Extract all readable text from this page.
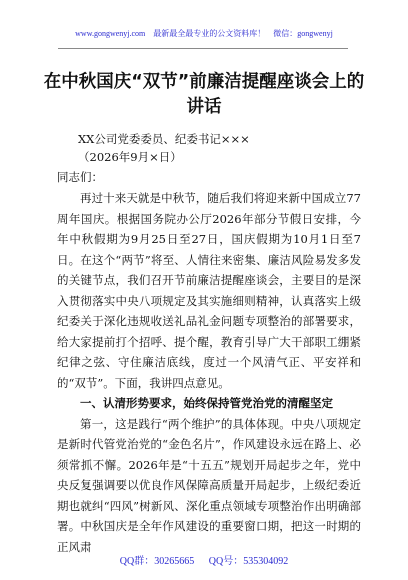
www.gongwenyj.com 最新最全最专业的公文资料库！ 微信：gongwenyj
在中秋国庆“双节”前廉洁提醒座谈会上的讲话
XX公司党委委员、纪委书记×××
（2026年9月×日）
同志们：

再过十来天就是中秋节，随后我们将迎来新中国成立77周年国庆。根据国务院办公厅2026年部分节假日安排，今年中秋假期为9月25日至27日，国庆假期为10月1日至7日。在这个“两节”将至、人情往来密集、廉洁风险易发多发的关键节点，我们召开节前廉洁提醒座谈会，主要目的是深入贯彻落实中央八项规定及其实施细则精神，认真落实上级纪委关于深化违规收送礼品礼金问题专项整治的部署要求，给大家提前打个招呼、提个醒，教育引导广大干部职工绷紧纪律之弦、守住廉洁底线，度过一个风清气正、平安祥和的“双节”。下面，我讲四点意见。

一、认清形势要求，始终保持管党治党的清醒坚定

第一，这是践行“两个维护”的具体体现。中央八项规定是新时代管党治党的“金色名片”，作风建设永远在路上、必须常抓不懈。2026年是“十五五”规划开局起步之年，党中央反复强调要以优良作风保障高质量开局起步，上级纪委近期也就纠“四风”树新风、深化重点领域专项整治作出明确部署。中秋国庆是全年作风建设的重要窗口期，把这一时期的正风肃

QQ群：30265665 QQ号：535304092
